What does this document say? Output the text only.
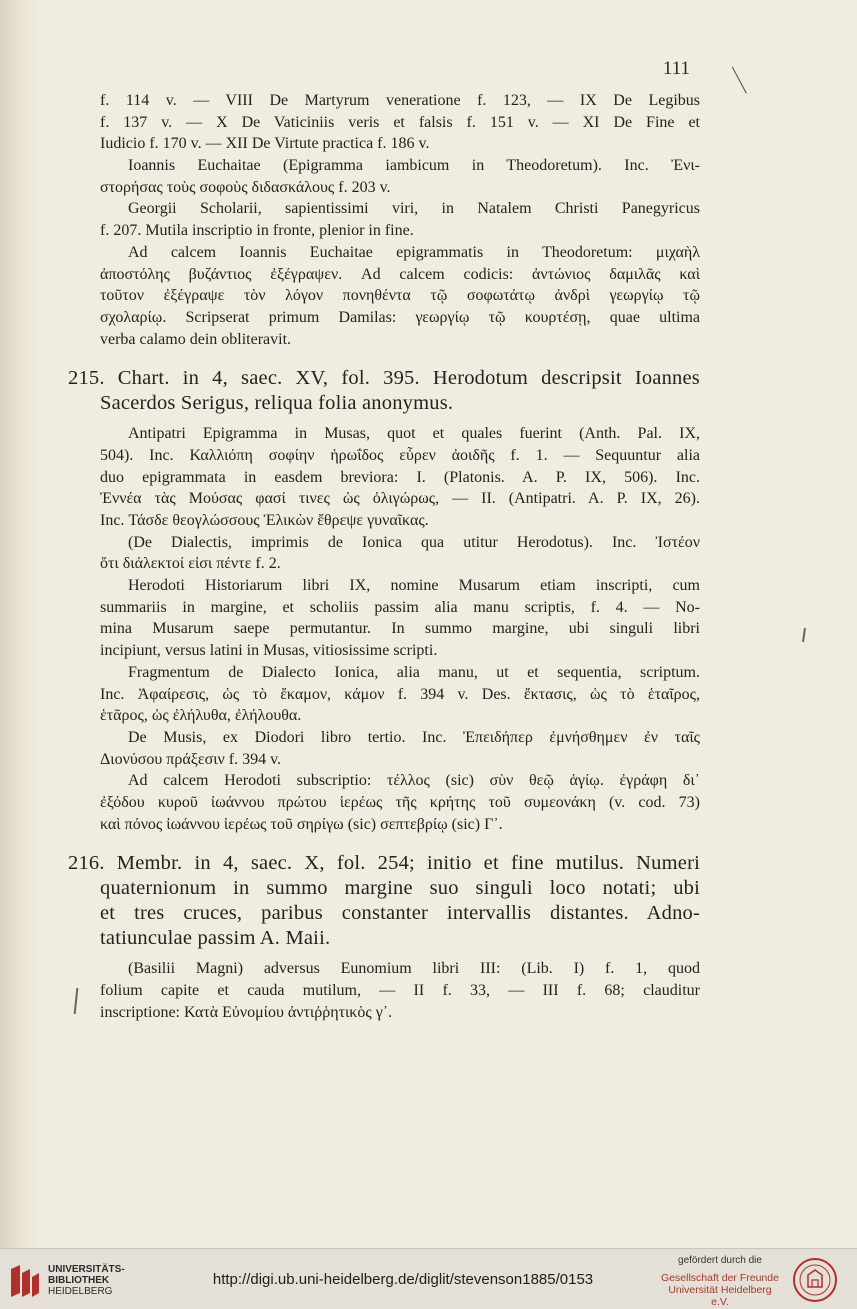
111
f. 114 v. — VIII De Martyrum veneratione f. 123, — IX De Legibus
f. 137 v. — X De Vaticiniis veris et falsis f. 151 v. — XI De Fine et
Iudicio f. 170 v. — XII De Virtute practica f. 186 v.
Ioannis Euchaitae (Epigramma iambicum in Theodoretum). Inc. Ἐνι-
στορήσας τοὺς σοφοὺς διδασκάλους f. 203 v.
Georgii Scholarii, sapientissimi viri, in Natalem Christi Panegyricus
f. 207. Mutila inscriptio in fronte, plenior in fine.
Ad calcem Ioannis Euchaitae epigrammatis in Theodoretum: μιχαὴλ
ἀποστόλης βυζάντιος ἐξέγραψεν. Ad calcem codicis: ἀντώνιος δαμιλᾶς καὶ
τοῦτον ἐξέγραψε τὸν λόγον πονηθέντα τῷ σοφωτάτῳ ἀνδρὶ γεωργίῳ τῷ
σχολαρίῳ. Scripserat primum Damilas: γεωργίῳ τῷ κουρτέσῃ, quae ultima
verba calamo dein obliteravit.
215. Chart. in 4, saec. XV, fol. 395. Herodotum descripsit Ioannes
Sacerdos Serigus, reliqua folia anonymus.
Antipatri Epigramma in Musas, quot et quales fuerint (Anth. Pal. IX,
504). Inc. Καλλιόπη σοφίην ἡρωΐδος εὗρεν ἀοιδῆς f. 1. — Sequuntur alia
duo epigrammata in easdem breviora: I. (Platonis. A. P. IX, 506). Inc.
Ἐννέα τὰς Μούσας φασί τινες ὡς ὀλιγώρως, — II. (Antipatri. A. P. IX, 26).
Inc. Τάσδε θεογλώσσους Ἑλικὼν ἔθρεψε γυναῖκας.
(De Dialectis, imprimis de Ionica qua utitur Herodotus). Inc. Ἰστέον
ὅτι διάλεκτοί εἰσι πέντε f. 2.
Herodoti Historiarum libri IX, nomine Musarum etiam inscripti, cum
summariis in margine, et scholiis passim alia manu scriptis, f. 4. — No-
mina Musarum saepe permutantur. In summo margine, ubi singuli libri
incipiunt, versus latini in Musas, vitiosissime scripti.
Fragmentum de Dialecto Ionica, alia manu, ut et sequentia, scriptum.
Inc. Ἀφαίρεσις, ὡς τὸ ἔκαμον, κάμον f. 394 v. Des. ἔκτασις, ὡς τὸ ἑταῖρος,
ἑτᾶρος, ὡς ἐλήλυθα, ἐλήλουθα.
De Musis, ex Diodori libro tertio. Inc. Ἐπειδήπερ ἐμνήσθημεν ἐν ταῖς
Διονύσου πράξεσιν f. 394 v.
Ad calcem Herodoti subscriptio: τέλλος (sic) σὺν θεῷ ἁγίῳ. ἐγράφη δι᾽
ἐξόδου κυροῦ ἰωάννου πρώτου ἱερέως τῆς κρήτης τοῦ συμεονάκη (v. cod. 73)
καὶ πόνος ἰωάννου ἱερέως τοῦ σηρίγω (sic) σεπτεβρίῳ (sic) Γ᾽.
216. Membr. in 4, saec. X, fol. 254; initio et fine mutilus. Numeri
quaternionum in summo margine suo singuli loco notati; ubi
et tres cruces, paribus constanter intervallis distantes. Adno-
tatiunculae passim A. Maii.
(Basilii Magni) adversus Eunomium libri III: (Lib. I) f. 1, quod
folium capite et cauda mutilum, — II f. 33, — III f. 68; clauditur
inscriptione: Κατὰ Εὐνομίου ἀντιῤῥητικὸς γ᾽.
UNIVERSITÄTS-
BIBLIOTHEK
HEIDELBERG
http://digi.ub.uni-heidelberg.de/diglit/stevenson1885/0153
gefördert durch die
Gesellschaft der Freunde
Universität Heidelberg e.V.
